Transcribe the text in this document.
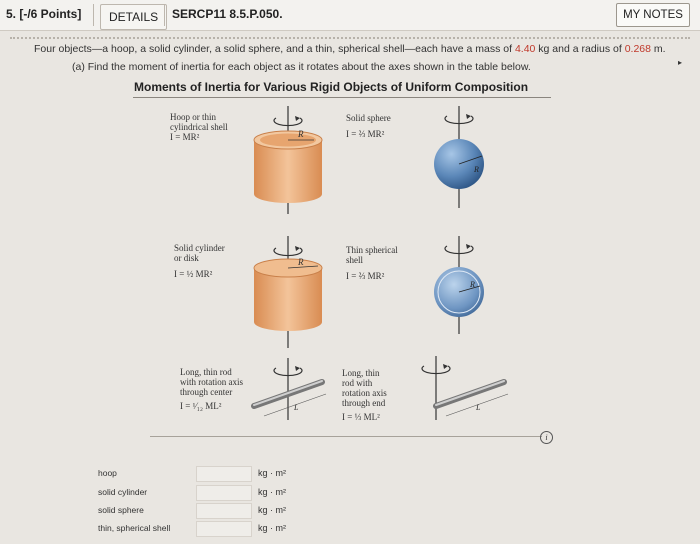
5. [-/6 Points]	DETAILS	SERCP11 8.5.P.050.	MY NOTES
Four objects—a hoop, a solid cylinder, a solid sphere, and a thin, spherical shell—each have a mass of 4.40 kg and a radius of 0.268 m.
(a) Find the moment of inertia for each object as it rotates about the axes shown in the table below.	▸
Moments of Inertia for Various Rigid Objects of Uniform Composition
Hoop or thin
cylindrical shell
I = MR²
Solid sphere
I = ⅔ MR²
Solid cylinder
or disk
I = ½ MR²
Thin spherical
shell
I = ⅔ MR²
Long, thin rod
with rotation axis
through center
I = ¹⁄₁₂ ML²
Long, thin
rod with
rotation axis
through end
I = ⅓ ML²
R
R
R
R
L	L
i
hoop	kg · m²
solid cylinder	kg · m²
solid sphere	kg · m²
thin, spherical shell	kg · m²
